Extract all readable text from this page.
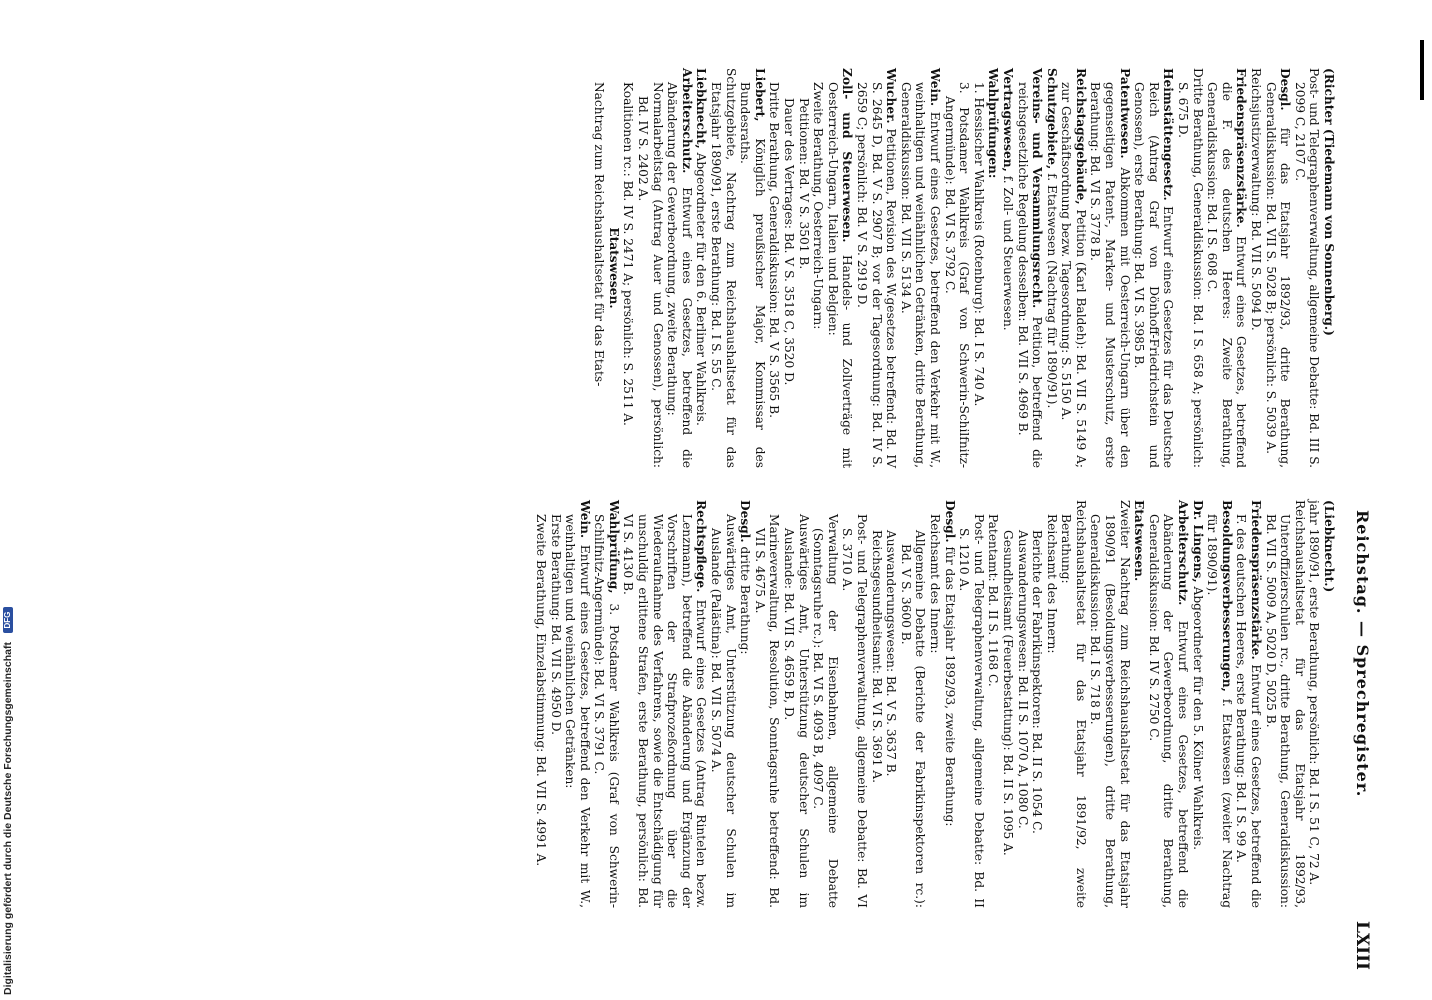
Reichstag. — Sprechregister.
LXIII
(Richter (Tiedemann von Sonnenberg.)
Post- und Telegraphenverwaltung, allgemeine Debatte: Bd. III S. 2099 C, 2107 C.
Desgl. für das Etatsjahr 1892/93, dritte Berathung, Generaldiskussion: Bd. VII S. 5028 B; persönlich: S. 5039 A.
Reichsjustizverwaltung: Bd. VII S. 5094 D.
Friedenspräsenzstärke. Entwurf eines Gesetzes, betreffend die F. des deutschen Heeres: Zweite Berathung, Generaldiskussion: Bd. I S. 608 C.
Dritte Berathung, Generaldiskussion: Bd. I S. 658 A; persönlich: S. 675 D.
Heimstättengesetz. Entwurf eines Gesetzes für das Deutsche Reich (Antrag Graf von Dönhoff-Friedrichstein und Genossen), erste Berathung: Bd. VI S. 3985 B.
Patentwesen. Abkommen mit Oesterreich-Ungarn über den gegenseitigen Patent-, Marken- und Musterschutz, erste Berathung: Bd. VI S. 3778 B.
Reichstagsgebäude, Petition (Karl Baldeh): Bd. VII S. 5149 A; zur Geschäftsordnung bezw. Tagesordnung: S. 5150 A.
Schutzgebiete, f. Etatswesen (Nachtrag für 1890/91).
Vereins- und Versammlungsrecht. Petition, betreffend die reichsgesetzliche Regelung desselben: Bd. VII S. 4969 B.
Vertragswesen, f. Zoll- und Steuerwesen.
Wahlprüfungen:
1. Hessischer Wahlkreis (Rotenburg): Bd. I S. 740 A.
3. Potsdamer Wahlkreis (Graf von Schwerin-Schilfnitz-Angermünde): Bd. VI S. 3792 C.
Wein. Entwurf eines Gesetzes, betreffend den Verkehr mit W., weinhaltigen und weinähnlichen Getränken, dritte Berathung, Generaldiskussion: Bd. VII S. 5134 A.
Wucher. Petitionen, Revision des W.gesetzes betreffend: Bd. IV S. 2645 D, Bd. V S. 2907 B; vor der Tagesordnung: Bd. IV S. 2659 C; persönlich: Bd. V S. 2919 D.
Zoll- und Steuerwesen. Handels- und Zollverträge mit Oesterreich-Ungarn, Italien und Belgien:
Zweite Berathung, Oesterreich-Ungarn:
Petitionen: Bd. V S. 3501 B.
Dauer des Vertrages: Bd. V S. 3518 C, 3520 D.
Dritte Berathung, Generaldiskussion: Bd. V S. 3565 B.
Liebert, Königlich preußischer Major, Kommissar des Bundesraths.
Schutzgebiete, Nachtrag zum Reichshaushaltsetat für das Etatsjahr 1890/91, erste Berathung: Bd. I S. 55 C.
Liebknecht, Abgeordneter für den 6. Berliner Wahlkreis.
Arbeiterschutz. Entwurf eines Gesetzes, betreffend die Abänderung der Gewerbeordnung, zweite Berathung:
Normalarbeitstag (Antrag Auer und Genossen), persönlich: Bd. IV S. 2402 A.
Koalitionen rc.: Bd. IV S. 2471 A; persönlich: S. 2511 A.
Etatswesen.
Nachtrag zum Reichshaushaltsetat für das Etats-
(Liebknecht.)
jahr 1890/91, erste Berathung, persönlich: Bd. I S. 51 C, 72 A.
Reichshaushaltsetat für das Etatsjahr 1892/93, Unteroffizierschulen rc., dritte Berathung, Generaldiskussion: Bd. VII S. 5009 A, 5020 D, 5025 B.
Friedenspräsenzstärke. Entwurf eines Gesetzes, betreffend die F. des deutschen Heeres, erste Berathung: Bd. I S. 99 A.
Besoldungsverbesserungen, f. Etatswesen (zweiter Nachtrag für 1890/91).
Dr. Lingens, Abgeordneter für den 5. Kölner Wahlkreis.
Arbeiterschutz. Entwurf eines Gesetzes, betreffend die Abänderung der Gewerbeordnung, dritte Berathung, Generaldiskussion: Bd. IV S. 2750 C.
Etatswesen.
Zweiter Nachtrag zum Reichshaushaltsetat für das Etatsjahr 1890/91 (Besoldungsverbesserungen), dritte Berathung, Generaldiskussion: Bd. I S. 718 B.
Reichshaushaltsetat für das Etatsjahr 1891/92, zweite Berathung:
Reichsamt des Innern:
Berichte der Fabrikinspektoren: Bd. II S. 1054 C.
Auswanderungswesen: Bd. II S. 1070 A, 1080 C.
Gesundheitsamt (Feuerbestattung): Bd. II S. 1095 A.
Patentamt: Bd. II S. 1168 C.
Post- und Telegraphenverwaltung, allgemeine Debatte: Bd. II S. 1210 A.
Desgl. für das Etatsjahr 1892/93, zweite Berathung:
Reichsamt des Innern:
Allgemeine Debatte (Berichte der Fabrikinspektoren rc.): Bd. V S. 3600 B.
Auswanderungswesen: Bd. V S. 3637 B.
Reichsgesundheitsamt: Bd. VI S. 3691 A.
Post- und Telegraphenverwaltung, allgemeine Debatte: Bd. VI S. 3710 A.
Verwaltung der Eisenbahnen, allgemeine Debatte (Sonntagsruhe rc.): Bd. VI S. 4093 B, 4097 C.
Auswärtiges Amt, Unterstützung deutscher Schulen im Auslande: Bd. VII S. 4659 B, D.
Marineverwaltung, Resolution, Sonntagsruhe betreffend: Bd. VII S. 4675 A.
Desgl. dritte Berathung:
Auswärtiges Amt, Unterstützung deutscher Schulen im Auslande (Palästina): Bd. VII S. 5074 A.
Rechtspflege. Entwurf eines Gesetzes (Antrag Rintelen bezw. Lenzmann), betreffend die Abänderung und Ergänzung der Vorschriften der Strafprozeßordnung über die Wiederaufnahme des Verfahrens, sowie die Entschädigung für unschuldig erlittene Strafen, erste Berathung, persönlich: Bd. VI S. 4130 B.
Wahlprüfung, 3. Potsdamer Wahlkreis (Graf von Schwerin-Schilfnitz-Angermünde): Bd. VI S. 3791 C.
Wein. Entwurf eines Gesetzes, betreffend den Verkehr mit W., weinhaltigen und weinähnlichen Getränken:
Erste Berathung: Bd. VII S. 4950 D.
Zweite Berathung, Einzelabstimmung: Bd. VII S. 4991 A.
Digitalisierung gefördert durch die Deutsche Forschungsgemeinschaft DFG
